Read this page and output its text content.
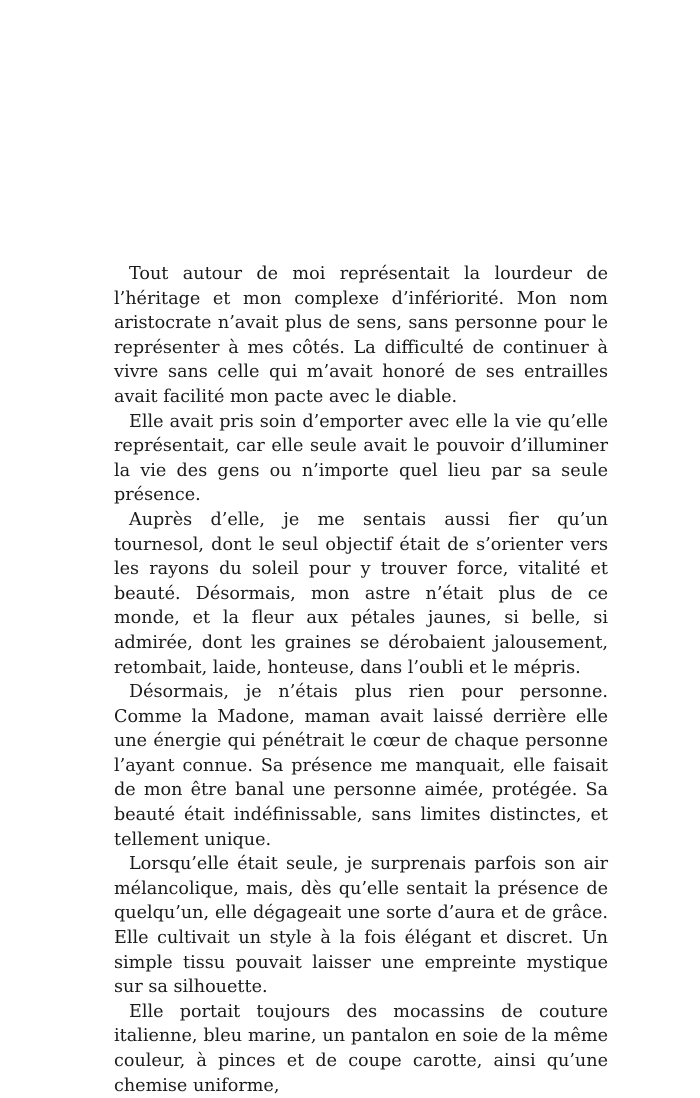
Tout autour de moi représentait la lourdeur de l’héritage et mon complexe d’infériorité. Mon nom aristocrate n’avait plus de sens, sans personne pour le représenter à mes côtés. La difficulté de continuer à vivre sans celle qui m’avait honoré de ses entrailles avait facilité mon pacte avec le diable.

Elle avait pris soin d’emporter avec elle la vie qu’elle représentait, car elle seule avait le pouvoir d’illuminer la vie des gens ou n’importe quel lieu par sa seule présence.

Auprès d’elle, je me sentais aussi fier qu’un tournesol, dont le seul objectif était de s’orienter vers les rayons du soleil pour y trouver force, vitalité et beauté. Désormais, mon astre n’était plus de ce monde, et la fleur aux pétales jaunes, si belle, si admirée, dont les graines se dérobaient jalousement, retombait, laide, honteuse, dans l’oubli et le mépris.

Désormais, je n’étais plus rien pour personne. Comme la Madone, maman avait laissé derrière elle une énergie qui pénétrait le cœur de chaque personne l’ayant connue. Sa présence me manquait, elle faisait de mon être banal une personne aimée, protégée. Sa beauté était indéfinissable, sans limites distinctes, et tellement unique.

Lorsqu’elle était seule, je surprenais parfois son air mélancolique, mais, dès qu’elle sentait la présence de quelqu’un, elle dégageait une sorte d’aura et de grâce. Elle cultivait un style à la fois élégant et discret. Un simple tissu pouvait laisser une empreinte mystique sur sa silhouette.

Elle portait toujours des mocassins de couture italienne, bleu marine, un pantalon en soie de la même couleur, à pinces et de coupe carotte, ainsi qu’une chemise uniforme,
